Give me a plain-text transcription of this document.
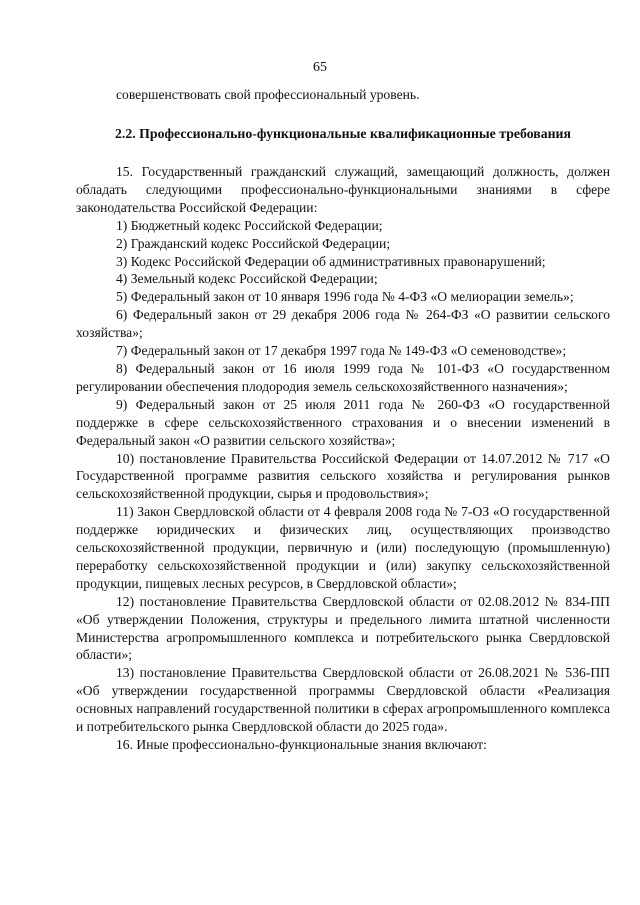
65

совершенствовать свой профессиональный уровень.

2.2. Профессионально-функциональные квалификационные требования

15. Государственный гражданский служащий, замещающий должность, должен обладать следующими профессионально-функциональными знаниями в сфере законодательства Российской Федерации:

1) Бюджетный кодекс Российской Федерации;

2) Гражданский кодекс Российской Федерации;

3) Кодекс Российской Федерации об административных правонарушений;

4) Земельный кодекс Российской Федерации;

5) Федеральный закон от 10 января 1996 года № 4-ФЗ «О мелиорации земель»;

6) Федеральный закон от 29 декабря 2006 года № 264-ФЗ «О развитии сельского хозяйства»;

7) Федеральный закон от 17 декабря 1997 года № 149-ФЗ «О семеноводстве»;

8) Федеральный закон от 16 июля 1999 года № 101-ФЗ «О государственном регулировании обеспечения плодородия земель сельскохозяйственного назначения»;

9) Федеральный закон от 25 июля 2011 года № 260-ФЗ «О государственной поддержке в сфере сельскохозяйственного страхования и о внесении изменений в Федеральный закон «О развитии сельского хозяйства»;

10) постановление Правительства Российской Федерации от 14.07.2012 № 717 «О Государственной программе развития сельского хозяйства и регулирования рынков сельскохозяйственной продукции, сырья и продовольствия»;

11) Закон Свердловской области от 4 февраля 2008 года № 7-ОЗ «О государственной поддержке юридических и физических лиц, осуществляющих производство сельскохозяйственной продукции, первичную и (или) последующую (промышленную) переработку сельскохозяйственной продукции и (или) закупку сельскохозяйственной продукции, пищевых лесных ресурсов, в Свердловской области»;

12) постановление Правительства Свердловской области от 02.08.2012 № 834-ПП «Об утверждении Положения, структуры и предельного лимита штатной численности Министерства агропромышленного комплекса и потребительского рынка Свердловской области»;

13) постановление Правительства Свердловской области от 26.08.2021 № 536-ПП «Об утверждении государственной программы Свердловской области «Реализация основных направлений государственной политики в сферах агропромышленного комплекса и потребительского рынка Свердловской области до 2025 года».

16. Иные профессионально-функциональные знания включают:
